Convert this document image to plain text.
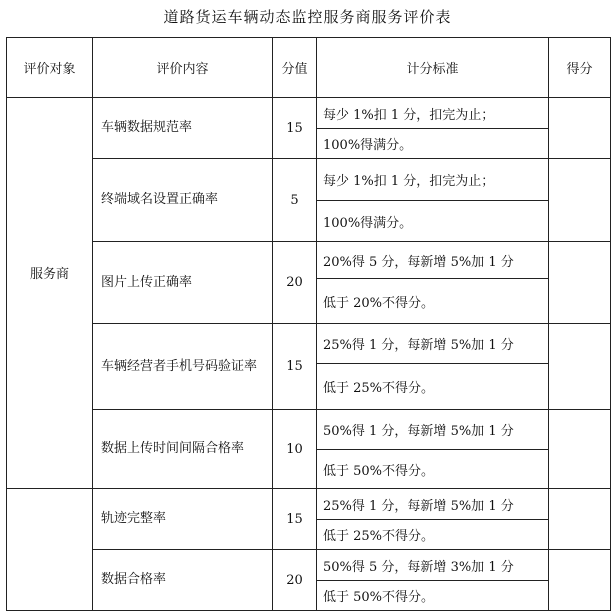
道路货运车辆动态监控服务商服务评价表
评价对象	评价内容	分值	计分标准	得分
服务商	车辆数据规范率	15	每少 1%扣 1 分，扣完为止；	
			100%得满分。	
	终端域名设置正确率	5	每少 1%扣 1 分，扣完为止；	
			100%得满分。	
	图片上传正确率	20	20%得 5 分，每新增 5%加 1 分	
			低于 20%不得分。	
	车辆经营者手机号码验证率	15	25%得 1 分，每新增 5%加 1 分	
			低于 25%不得分。	
	数据上传时间间隔合格率	10	50%得 1 分，每新增 5%加 1 分	
			低于 50%不得分。	
	轨迹完整率	15	25%得 1 分，每新增 5%加 1 分	
			低于 25%不得分。	
	数据合格率	20	50%得 5 分，每新增 3%加 1 分	
			低于 50%不得分。	
